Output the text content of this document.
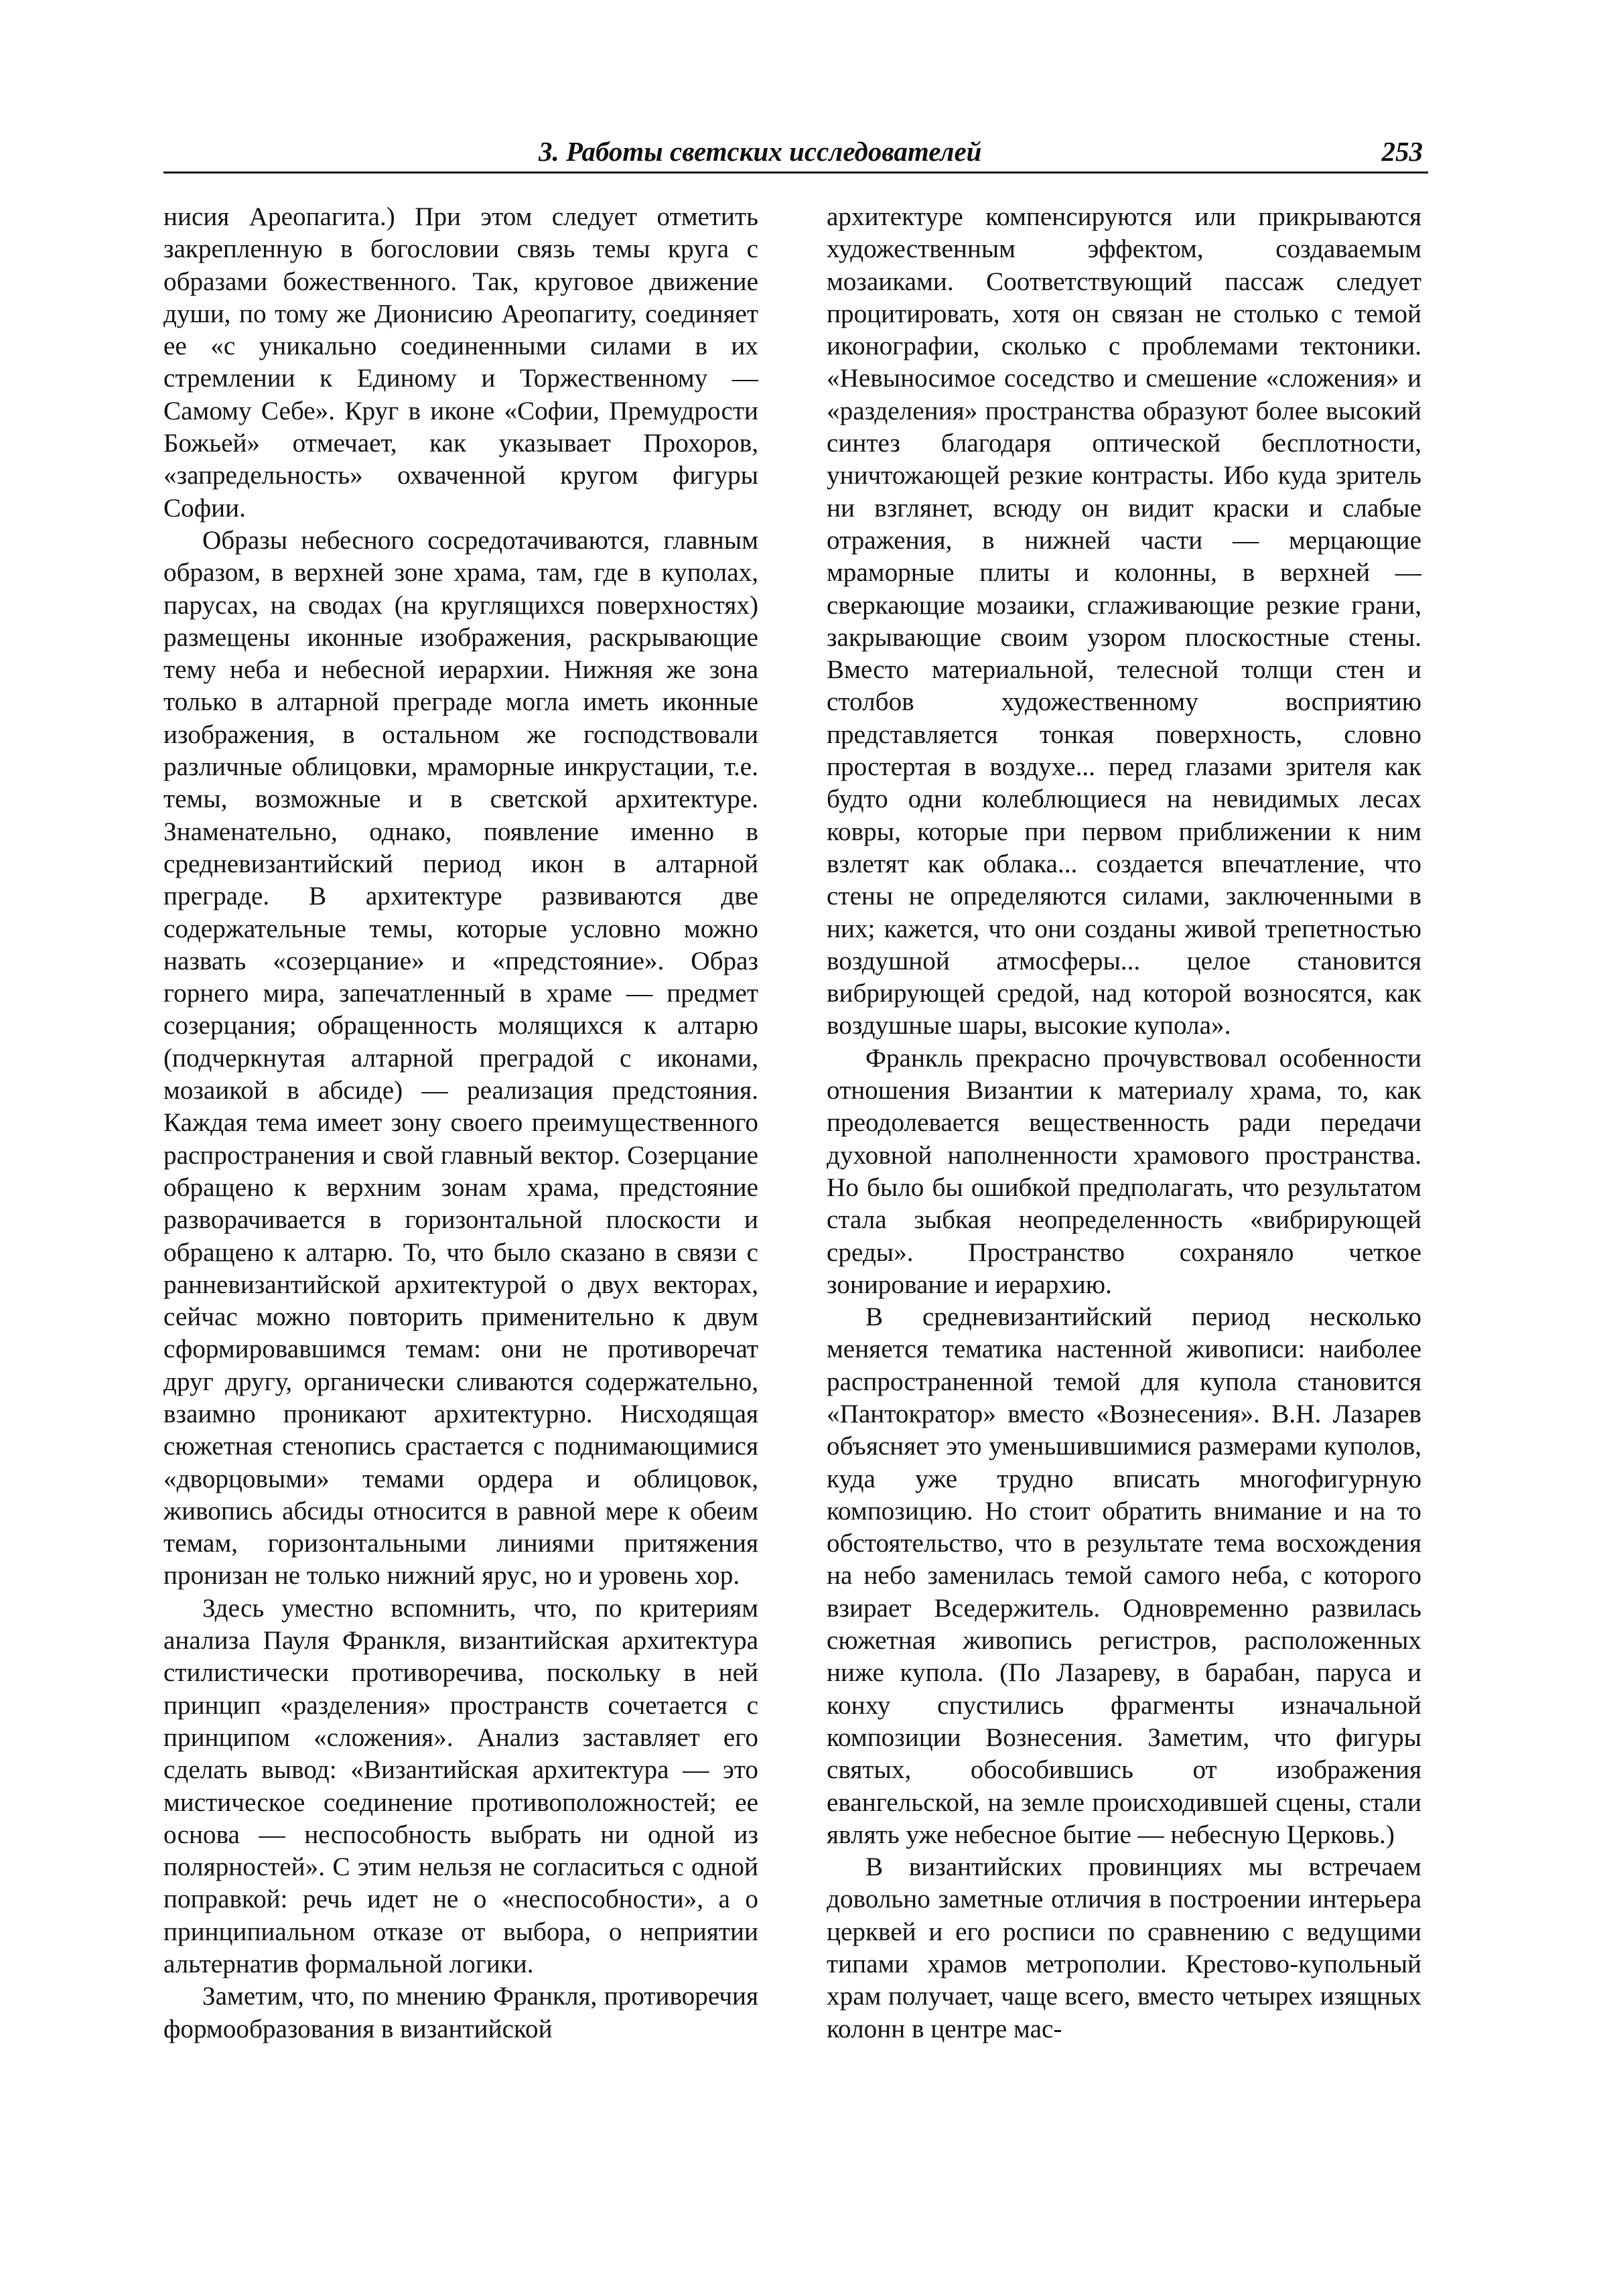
3. Работы светских исследователей	253

нисия Ареопагита.) При этом следует отметить закрепленную в богословии связь темы круга с образами божественного. Так, круговое движение души, по тому же Дионисию Ареопагиту, соединяет ее «с уникально соединенными силами в их стремлении к Единому и Торжественному — Самому Себе». Круг в иконе «Софии, Премудрости Божьей» отмечает, как указывает Прохоров, «запредельность» охваченной кругом фигуры Софии.

Образы небесного сосредотачиваются, главным образом, в верхней зоне храма, там, где в куполах, парусах, на сводах (на круглящихся поверхностях) размещены иконные изображения, раскрывающие тему неба и небесной иерархии. Нижняя же зона только в алтарной преграде могла иметь иконные изображения, в остальном же господствовали различные облицовки, мраморные инкрустации, т.е. темы, возможные и в светской архитектуре. Знаменательно, однако, появление именно в средневизантийский период икон в алтарной преграде. В архитектуре развиваются две содержательные темы, которые условно можно назвать «созерцание» и «предстояние». Образ горнего мира, запечатленный в храме — предмет созерцания; обращенность молящихся к алтарю (подчеркнутая алтарной преградой с иконами, мозаикой в абсиде) — реализация предстояния. Каждая тема имеет зону своего преимущественного распространения и свой главный вектор. Созерцание обращено к верхним зонам храма, предстояние разворачивается в горизонтальной плоскости и обращено к алтарю. То, что было сказано в связи с ранневизантийской архитектурой о двух векторах, сейчас можно повторить применительно к двум сформировавшимся темам: они не противоречат друг другу, органически сливаются содержательно, взаимно проникают архитектурно. Нисходящая сюжетная стенопись срастается с поднимающимися «дворцовыми» темами ордера и облицовок, живопись абсиды относится в равной мере к обеим темам, горизонтальными линиями притяжения пронизан не только нижний ярус, но и уровень хор.

Здесь уместно вспомнить, что, по критериям анализа Пауля Франкля, византийская архитектура стилистически противоречива, поскольку в ней принцип «разделения» пространств сочетается с принципом «сложения». Анализ заставляет его сделать вывод: «Византийская архитектура — это мистическое соединение противоположностей; ее основа — неспособность выбрать ни одной из полярностей». С этим нельзя не согласиться с одной поправкой: речь идет не о «неспособности», а о принципиальном отказе от выбора, о неприятии альтернатив формальной логики.

Заметим, что, по мнению Франкля, противоречия формообразования в византийской

архитектуре компенсируются или прикрываются художественным эффектом, создаваемым мозаиками. Соответствующий пассаж следует процитировать, хотя он связан не столько с темой иконографии, сколько с проблемами тектоники. «Невыносимое соседство и смешение «сложения» и «разделения» пространства образуют более высокий синтез благодаря оптической бесплотности, уничтожающей резкие контрасты. Ибо куда зритель ни взглянет, всюду он видит краски и слабые отражения, в нижней части — мерцающие мраморные плиты и колонны, в верхней — сверкающие мозаики, сглаживающие резкие грани, закрывающие своим узором плоскостные стены. Вместо материальной, телесной толщи стен и столбов художественному восприятию представляется тонкая поверхность, словно простертая в воздухе... перед глазами зрителя как будто одни колеблющиеся на невидимых лесах ковры, которые при первом приближении к ним взлетят как облака... создается впечатление, что стены не определяются силами, заключенными в них; кажется, что они созданы живой трепетностью воздушной атмосферы... целое становится вибрирующей средой, над которой возносятся, как воздушные шары, высокие купола».

Франкль прекрасно прочувствовал особенности отношения Византии к материалу храма, то, как преодолевается вещественность ради передачи духовной наполненности храмового пространства. Но было бы ошибкой предполагать, что результатом стала зыбкая неопределенность «вибрирующей среды». Пространство сохраняло четкое зонирование и иерархию.

В средневизантийский период несколько меняется тематика настенной живописи: наиболее распространенной темой для купола становится «Пантократор» вместо «Вознесения». В.Н. Лазарев объясняет это уменьшившимися размерами куполов, куда уже трудно вписать многофигурную композицию. Но стоит обратить внимание и на то обстоятельство, что в результате тема восхождения на небо заменилась темой самого неба, с которого взирает Вседержитель. Одновременно развилась сюжетная живопись регистров, расположенных ниже купола. (По Лазареву, в барабан, паруса и конху спустились фрагменты изначальной композиции Вознесения. Заметим, что фигуры святых, обособившись от изображения евангельской, на земле происходившей сцены, стали являть уже небесное бытие — небесную Церковь.)

В византийских провинциях мы встречаем довольно заметные отличия в построении интерьера церквей и его росписи по сравнению с ведущими типами храмов метрополии. Крестово-купольный храм получает, чаще всего, вместо четырех изящных колонн в центре мас-
